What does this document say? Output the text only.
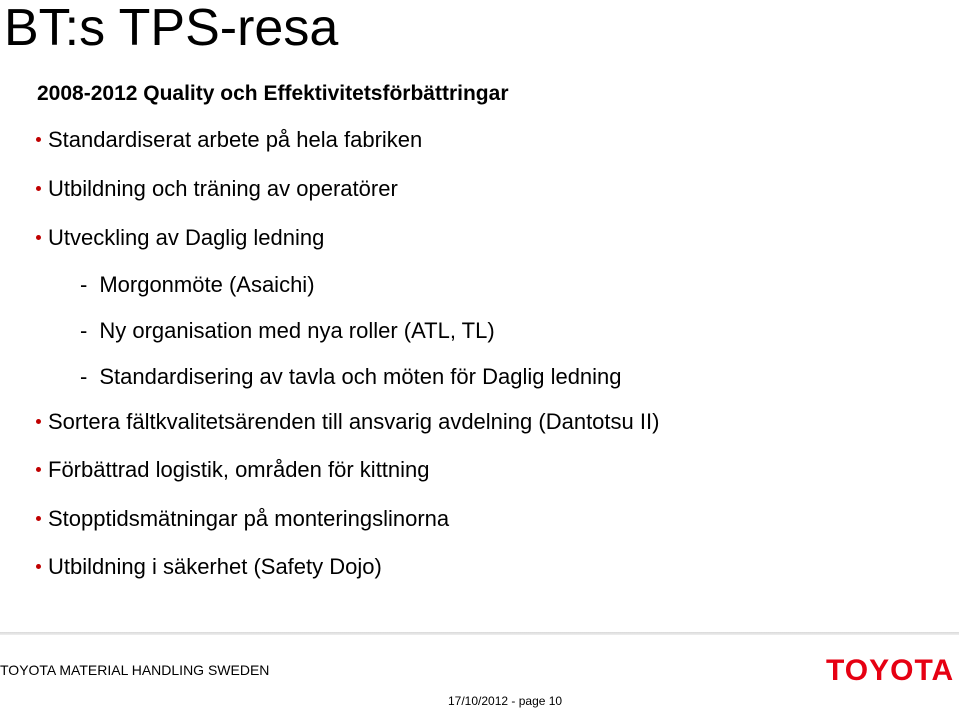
BT:s TPS-resa
2008-2012 Quality och Effektivitetsförbättringar
Standardiserat arbete på hela fabriken
Utbildning och träning av operatörer
Utveckling av Daglig ledning
- Morgonmöte (Asaichi)
- Ny organisation med nya roller (ATL, TL)
- Standardisering av tavla och möten för Daglig ledning
Sortera fältkvalitetsärenden till ansvarig avdelning (Dantotsu II)
Förbättrad logistik, områden för kittning
Stopptidsmätningar på monteringslinorna
Utbildning i säkerhet (Safety Dojo)
TOYOTA MATERIAL HANDLING SWEDEN	TOYOTA
17/10/2012 - page 10
